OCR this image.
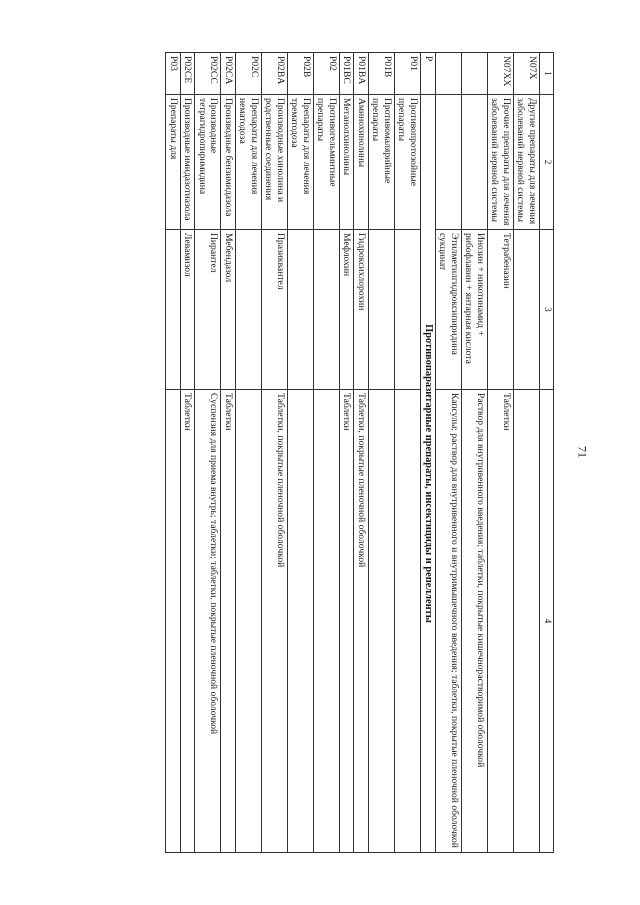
71
1	2	3	4
N07X	Другие препараты для лечения заболеваний нервной системы		
N07XX	Прочие препараты для лечения заболеваний нервной системы	Тетрабеназин	Таблетки
		Инозин + никотинамид + рибофлавин + янтарная кислота	Раствор для внутривенного введения; таблетки, покрытые кишечнорастворимой оболочкой
		Этилметилгидроксипиридина сукцинат	Капсулы; раствор для внутривенного и внутримышечного введения; таблетки, покрытые пленочной оболочкой
P	Противопаразитарные препараты, инсектициды и репелленты		
P01	Противопротозойные препараты		
P01B	Противомалярийные препараты		
P01BA	Аминохинолины	Гидроксихлорохин	Таблетки, покрытые пленочной оболочкой
P01BC	Метанолхинолины	Мефлохин	Таблетки
P02	Противогельминтные препараты		
P02B	Препараты для лечения трематодоза		
P02BA	Производные хинолина и родственные соединения	Празиквантел	Таблетки, покрытые пленочной оболочкой
P02C	Препараты для лечения нематодоза		
P02CA	Производные бензимидазола	Мебендазол	Таблетки
P02CC	Производные тетрагидропиримидина	Пирантел	Суспензия для приема внутрь; таблетки; таблетки, покрытые пленочной оболочкой
P02CE	Производные имидазотиазола	Левамизол	Таблетки
P03	Препараты для		
